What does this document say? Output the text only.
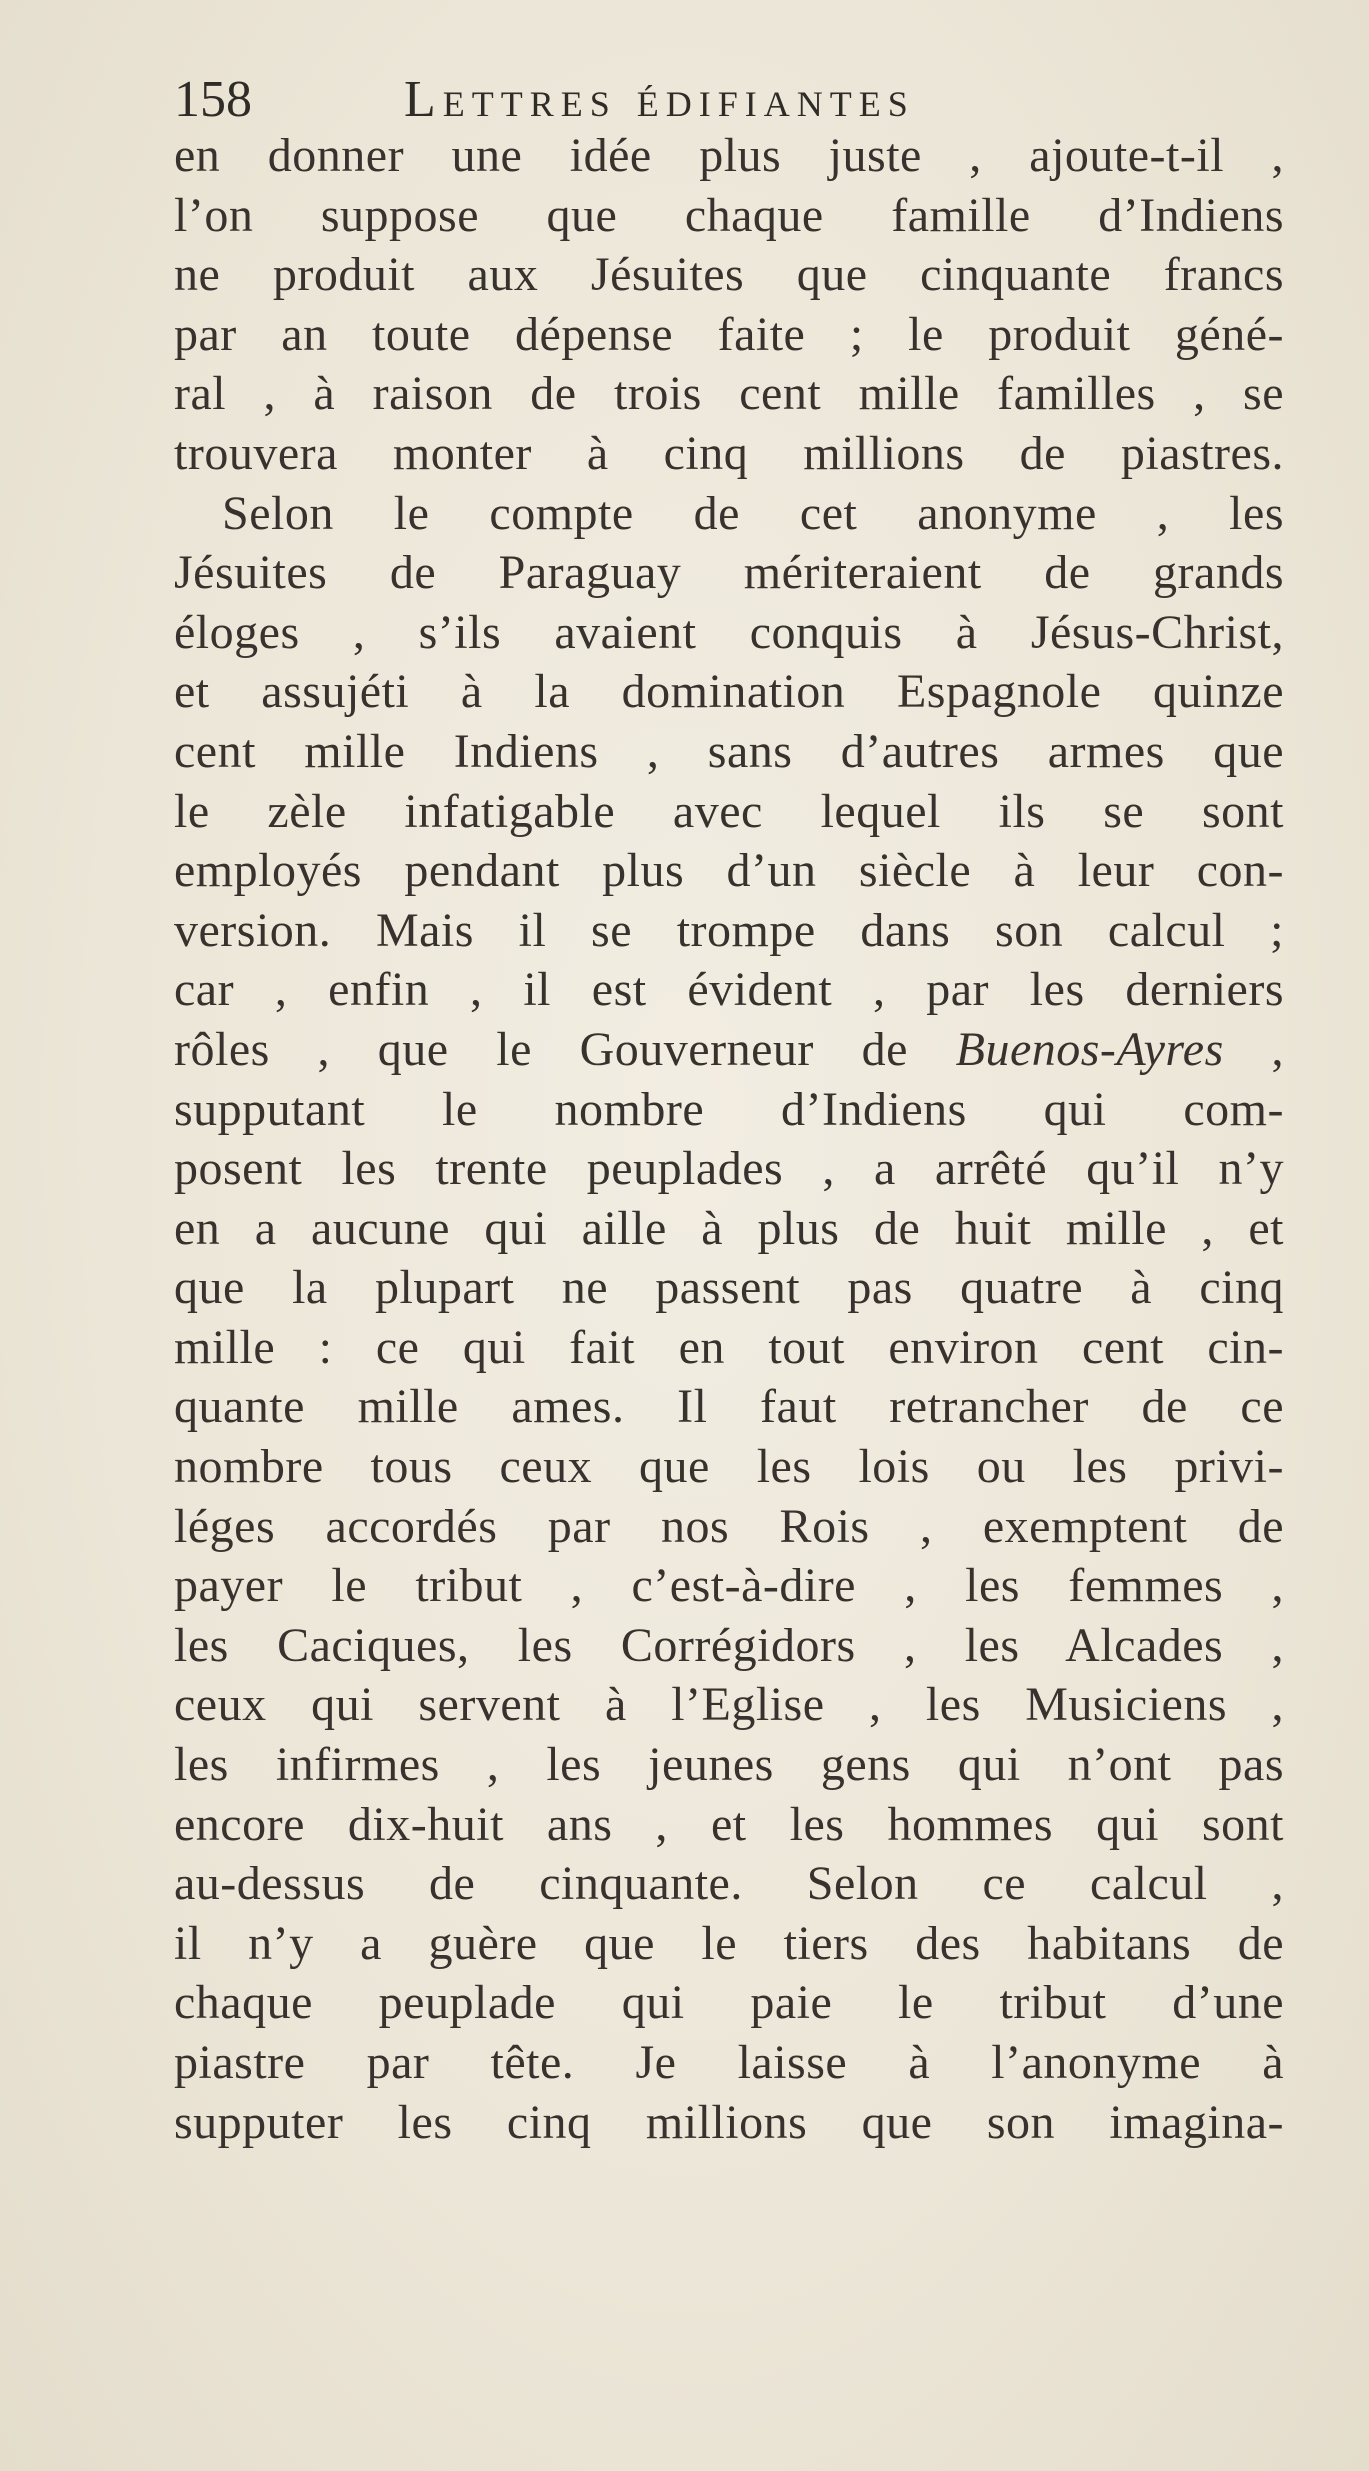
158	Lettres édifiantes
en donner une idée plus juste , ajoute-t-il ,
l’on suppose que chaque famille d’Indiens
ne produit aux Jésuites que cinquante francs
par an toute dépense faite ; le produit géné-
ral , à raison de trois cent mille familles , se
trouvera monter à cinq millions de piastres.
Selon le compte de cet anonyme , les
Jésuites de Paraguay mériteraient de grands
éloges , s’ils avaient conquis à Jésus-Christ,
et assujéti à la domination Espagnole quinze
cent mille Indiens , sans d’autres armes que
le zèle infatigable avec lequel ils se sont
employés pendant plus d’un siècle à leur con-
version. Mais il se trompe dans son calcul ;
car , enfin , il est évident , par les derniers
rôles , que le Gouverneur de Buenos-Ayres ,
supputant le nombre d’Indiens qui com-
posent les trente peuplades , a arrêté qu’il n’y
en a aucune qui aille à plus de huit mille , et
que la plupart ne passent pas quatre à cinq
mille : ce qui fait en tout environ cent cin-
quante mille ames. Il faut retrancher de ce
nombre tous ceux que les lois ou les privi-
léges accordés par nos Rois , exemptent de
payer le tribut , c’est-à-dire , les femmes ,
les Caciques, les Corrégidors , les Alcades ,
ceux qui servent à l’Eglise , les Musiciens ,
les infirmes , les jeunes gens qui n’ont pas
encore dix-huit ans , et les hommes qui sont
au-dessus de cinquante. Selon ce calcul ,
il n’y a guère que le tiers des habitans de
chaque peuplade qui paie le tribut d’une
piastre par tête. Je laisse à l’anonyme à
supputer les cinq millions que son imagina-
